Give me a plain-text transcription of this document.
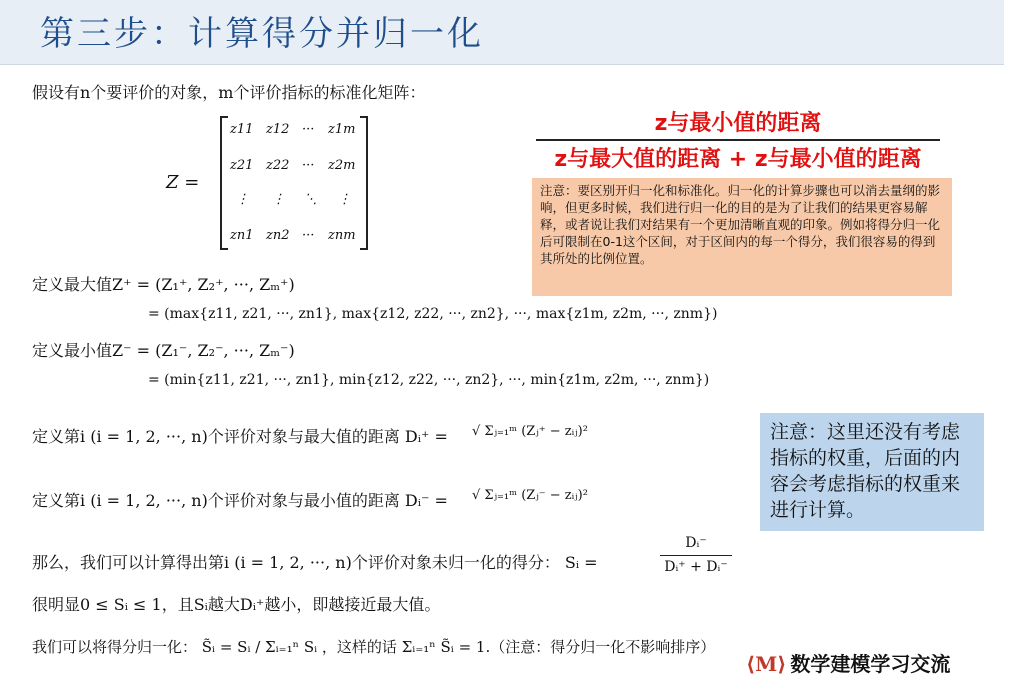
第三步：计算得分并归一化
假设有n个要评价的对象，m个评价指标的标准化矩阵：
Z =
z11 z12 ··· z1m
z21 z22 ··· z2m
⋮ ⋮ ⋱ ⋮
zn1 zn2 ··· znm
z与最小值的距离
z与最大值的距离 + z与最小值的距离
注意：要区别开归一化和标准化。归一化的计算步骤也可以消去量纲的影响，但更多时候，我们进行归一化的目的是为了让我们的结果更容易解释，或者说让我们对结果有一个更加清晰直观的印象。例如将得分归一化后可限制在0-1这个区间，对于区间内的每一个得分，我们很容易的得到其所处的比例位置。
定义最大值Z⁺ = (Z₁⁺, Z₂⁺, ···, Zₘ⁺)
= (max{z11, z21, ···, zn1}, max{z12, z22, ···, zn2}, ···, max{z1m, z2m, ···, znm})
定义最小值Z⁻ = (Z₁⁻, Z₂⁻, ···, Zₘ⁻)
= (min{z11, z21, ···, zn1}, min{z12, z22, ···, zn2}, ···, min{z1m, z2m, ···, znm})
定义第i (i = 1, 2, ···, n)个评价对象与最大值的距离 Dᵢ⁺ = √ Σⱼ₌₁ᵐ (Zⱼ⁺ − zᵢⱼ)²
定义第i (i = 1, 2, ···, n)个评价对象与最小值的距离 Dᵢ⁻ = √ Σⱼ₌₁ᵐ (Zⱼ⁻ − zᵢⱼ)²
注意：这里还没有考虑指标的权重，后面的内容会考虑指标的权重来进行计算。
那么，我们可以计算得出第i (i = 1, 2, ···, n)个评价对象未归一化的得分： Sᵢ =
Dᵢ⁻
Dᵢ⁺ + Dᵢ⁻
很明显0 ≤ Sᵢ ≤ 1，且Sᵢ越大Dᵢ⁺越小，即越接近最大值。
我们可以将得分归一化： S̃ᵢ = Sᵢ / Σᵢ₌₁ⁿ Sᵢ ，这样的话 Σᵢ₌₁ⁿ S̃ᵢ = 1.（注意：得分归一化不影响排序）
⟨M⟩ 数学建模学习交流
